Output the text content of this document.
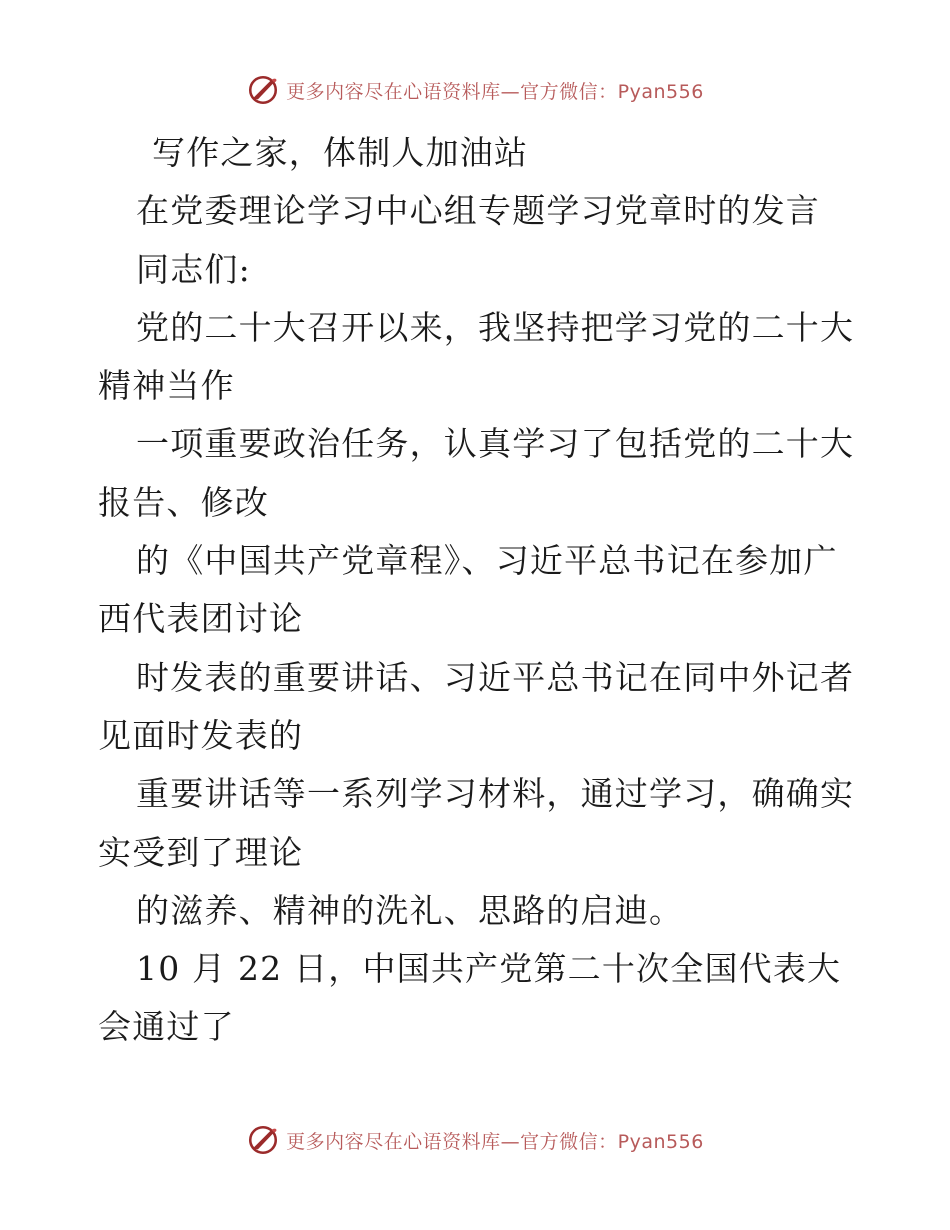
更多内容尽在心语资料库—官方微信：Pyan556
写作之家，体制人加油站
在党委理论学习中心组专题学习党章时的发言
同志们:
党的二十大召开以来，我坚持把学习党的二十大
精神当作
一项重要政治任务，认真学习了包括党的二十大
报告、修改
的《中国共产党章程》、习近平总书记在参加广
西代表团讨论
时发表的重要讲话、习近平总书记在同中外记者
见面时发表的
重要讲话等一系列学习材料，通过学习，确确实
实受到了理论
的滋养、精神的洗礼、思路的启迪。
10 月 22 日，中国共产党第二十次全国代表大
会通过了
更多内容尽在心语资料库—官方微信：Pyan556
